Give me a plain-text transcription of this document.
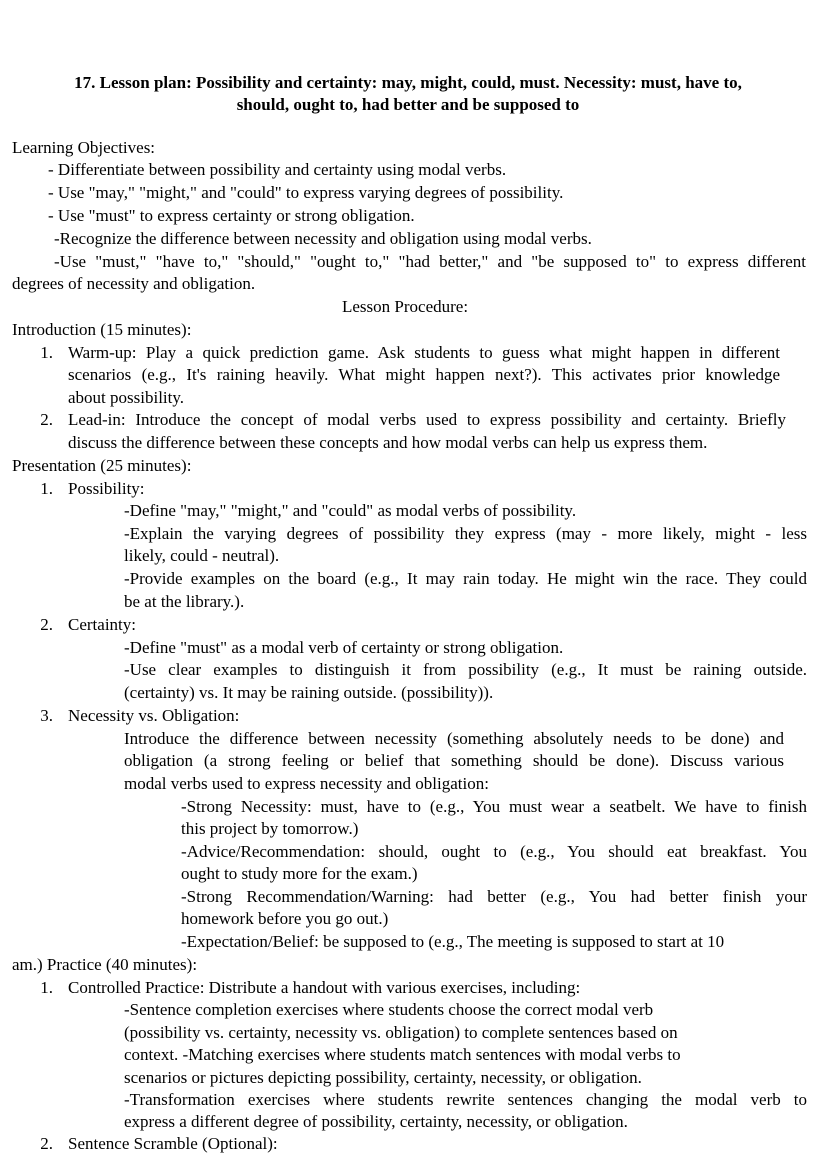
17. Lesson plan: Possibility and certainty: may, might, could, must. Necessity: must, have to,
should, ought to, had better and be supposed to
Learning Objectives:
- Differentiate between possibility and certainty using modal verbs.
- Use "may," "might," and "could" to express varying degrees of possibility.
- Use "must" to express certainty or strong obligation.
-Recognize the difference between necessity and obligation using modal verbs.
-Use "must," "have to," "should," "ought to," "had better," and "be supposed to" to express different
degrees of necessity and obligation.
Lesson Procedure:
Introduction (15 minutes):
1. Warm-up: Play a quick prediction game. Ask students to guess what might happen in different
scenarios (e.g., It's raining heavily. What might happen next?). This activates prior knowledge
about possibility.
2. Lead-in: Introduce the concept of modal verbs used to express possibility and certainty. Briefly
discuss the difference between these concepts and how modal verbs can help us express them.
Presentation (25 minutes):
1. Possibility:
-Define "may," "might," and "could" as modal verbs of possibility.
-Explain the varying degrees of possibility they express (may - more likely, might - less
likely, could - neutral).
-Provide examples on the board (e.g., It may rain today. He might win the race. They could
be at the library.).
2. Certainty:
-Define "must" as a modal verb of certainty or strong obligation.
-Use clear examples to distinguish it from possibility (e.g., It must be raining outside.
(certainty) vs. It may be raining outside. (possibility)).
3. Necessity vs. Obligation:
Introduce the difference between necessity (something absolutely needs to be done) and
obligation (a strong feeling or belief that something should be done). Discuss various
modal verbs used to express necessity and obligation:
-Strong Necessity: must, have to (e.g., You must wear a seatbelt. We have to finish
this project by tomorrow.)
-Advice/Recommendation: should, ought to (e.g., You should eat breakfast. You
ought to study more for the exam.)
-Strong Recommendation/Warning: had better (e.g., You had better finish your
homework before you go out.)
-Expectation/Belief: be supposed to (e.g., The meeting is supposed to start at 10
am.) Practice (40 minutes):
1. Controlled Practice: Distribute a handout with various exercises, including:
-Sentence completion exercises where students choose the correct modal verb
(possibility vs. certainty, necessity vs. obligation) to complete sentences based on
context. -Matching exercises where students match sentences with modal verbs to
scenarios or pictures depicting possibility, certainty, necessity, or obligation.
-Transformation exercises where students rewrite sentences changing the modal verb to
express a different degree of possibility, certainty, necessity, or obligation.
2. Sentence Scramble (Optional):
